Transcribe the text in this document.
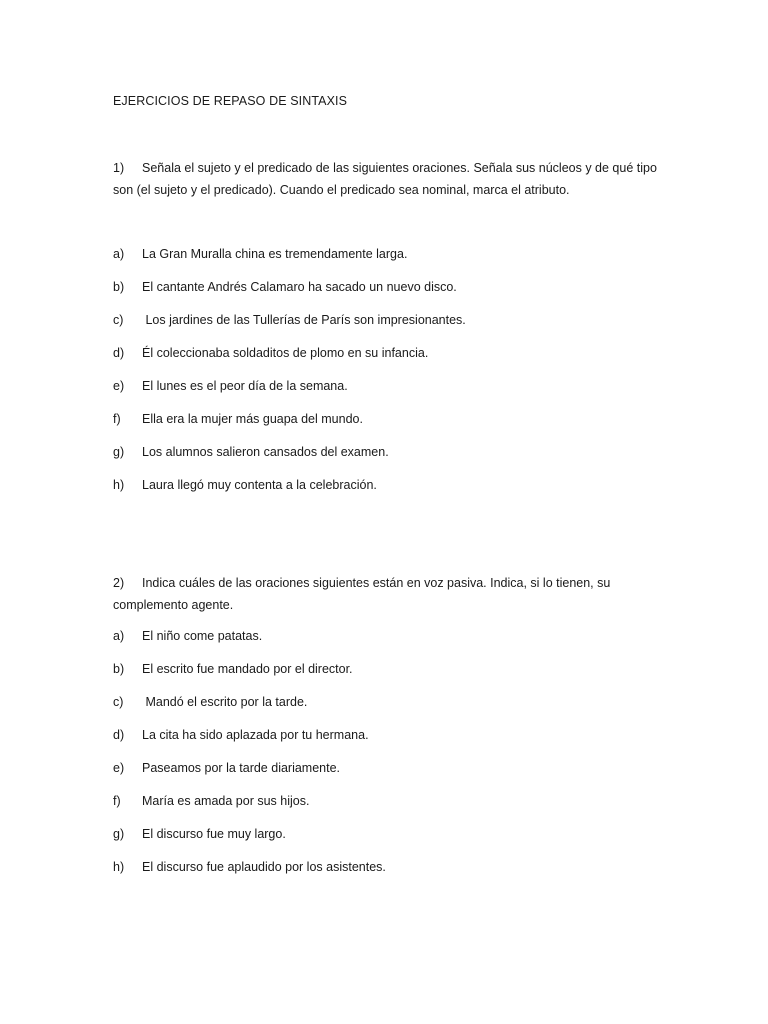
EJERCICIOS DE REPASO DE SINTAXIS
1) Señala el sujeto y el predicado de las siguientes oraciones. Señala sus núcleos y de qué tipo son (el sujeto y el predicado). Cuando el predicado sea nominal, marca el atributo.
a) La Gran Muralla china es tremendamente larga.
b) El cantante Andrés Calamaro ha sacado un nuevo disco.
c) Los jardines de las Tullerías de París son impresionantes.
d) Él coleccionaba soldaditos de plomo en su infancia.
e) El lunes es el peor día de la semana.
f) Ella era la mujer más guapa del mundo.
g) Los alumnos salieron cansados del examen.
h) Laura llegó muy contenta a la celebración.
2) Indica cuáles de las oraciones siguientes están en voz pasiva. Indica, si lo tienen, su complemento agente.
a) El niño come patatas.
b) El escrito fue mandado por el director.
c) Mandó el escrito por la tarde.
d) La cita ha sido aplazada por tu hermana.
e) Paseamos por la tarde diariamente.
f) María es amada por sus hijos.
g) El discurso fue muy largo.
h) El discurso fue aplaudido por los asistentes.
